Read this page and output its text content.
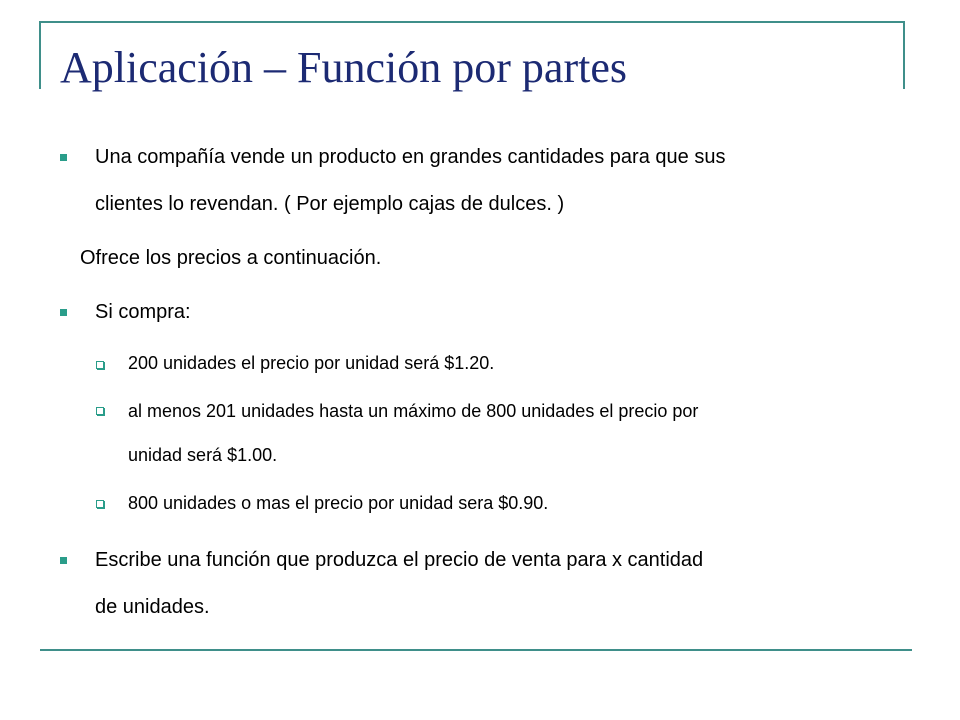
Aplicación – Función por partes
Una compañía vende un producto en grandes cantidades para que sus
clientes lo revendan. ( Por ejemplo cajas de dulces. )
Ofrece los precios a continuación.
Si compra:
200 unidades el precio por unidad será $1.20.
al menos 201 unidades hasta un máximo de 800 unidades el precio por
unidad será $1.00.
800 unidades o mas el precio por unidad sera $0.90.
Escribe una función que produzca el precio de venta para x cantidad
de unidades.
